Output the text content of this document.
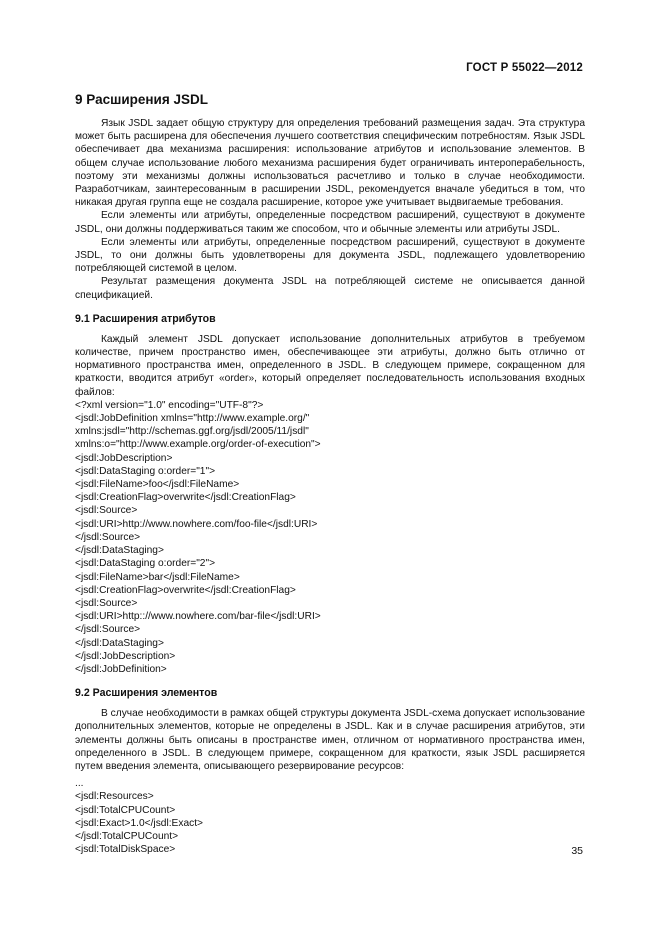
ГОСТ Р 55022—2012
9 Расширения JSDL

Язык JSDL задает общую структуру для определения требований размещения задач. Эта структура может быть расширена для обеспечения лучшего соответствия специфическим потребностям. Язык JSDL обеспечивает два механизма расширения: использование атрибутов и использование элементов. В общем случае использование любого механизма расширения будет ограничивать интероперабельность, поэтому эти механизмы должны использоваться расчетливо и только в случае необходимости. Разработчикам, заинтересованным в расширении JSDL, рекомендуется вначале убедиться в том, что никакая другая группа еще не создала расширение, которое уже учитывает выдвигаемые требования.

Если элементы или атрибуты, определенные посредством расширений, существуют в документе JSDL, они должны поддерживаться таким же способом, что и обычные элементы или атрибуты JSDL.

Если элементы или атрибуты, определенные посредством расширений, существуют в документе JSDL, то они должны быть удовлетворены для документа JSDL, подлежащего удовлетворению потребляющей системой в целом.

Результат размещения документа JSDL на потребляющей системе не описывается данной спецификацией.

9.1 Расширения атрибутов

Каждый элемент JSDL допускает использование дополнительных атрибутов в требуемом количестве, причем пространство имен, обеспечивающее эти атрибуты, должно быть отлично от нормативного пространства имен, определенного в JSDL. В следующем примере, сокращенном для краткости, вводится атрибут «order», который определяет последовательность использования входных файлов:

<?xml version="1.0" encoding="UTF-8"?>
<jsdl:JobDefinition xmlns="http://www.example.org/"
xmlns:jsdl="http://schemas.ggf.org/jsdl/2005/11/jsdl"
xmlns:o="http://www.example.org/order-of-execution">
<jsdl:JobDescription>
<jsdl:DataStaging o:order="1">
<jsdl:FileName>foo</jsdl:FileName>
<jsdl:CreationFlag>overwrite</jsdl:CreationFlag>
<jsdl:Source>
<jsdl:URI>http://www.nowhere.com/foo-file</jsdl:URI>
</jsdl:Source>
</jsdl:DataStaging>
<jsdl:DataStaging o:order="2">
<jsdl:FileName>bar</jsdl:FileName>
<jsdl:CreationFlag>overwrite</jsdl:CreationFlag>
<jsdl:Source>
<jsdl:URI>http:://www.nowhere.com/bar-file</jsdl:URI>
</jsdl:Source>
</jsdl:DataStaging>
</jsdl:JobDescription>
</jsdl:JobDefinition>
9.2 Расширения элементов

В случае необходимости в рамках общей структуры документа JSDL-схема допускает использование дополнительных элементов, которые не определены в JSDL. Как и в случае расширения атрибутов, эти элементы должны быть описаны в пространстве имен, отличном от нормативного пространства имен, определенного в JSDL. В следующем примере, сокращенном для краткости, язык JSDL расширяется путем введения элемента, описывающего резервирование ресурсов:

...
<jsdl:Resources>
<jsdl:TotalCPUCount>
<jsdl:Exact>1.0</jsdl:Exact>
</jsdl:TotalCPUCount>
<jsdl:TotalDiskSpace>	35
